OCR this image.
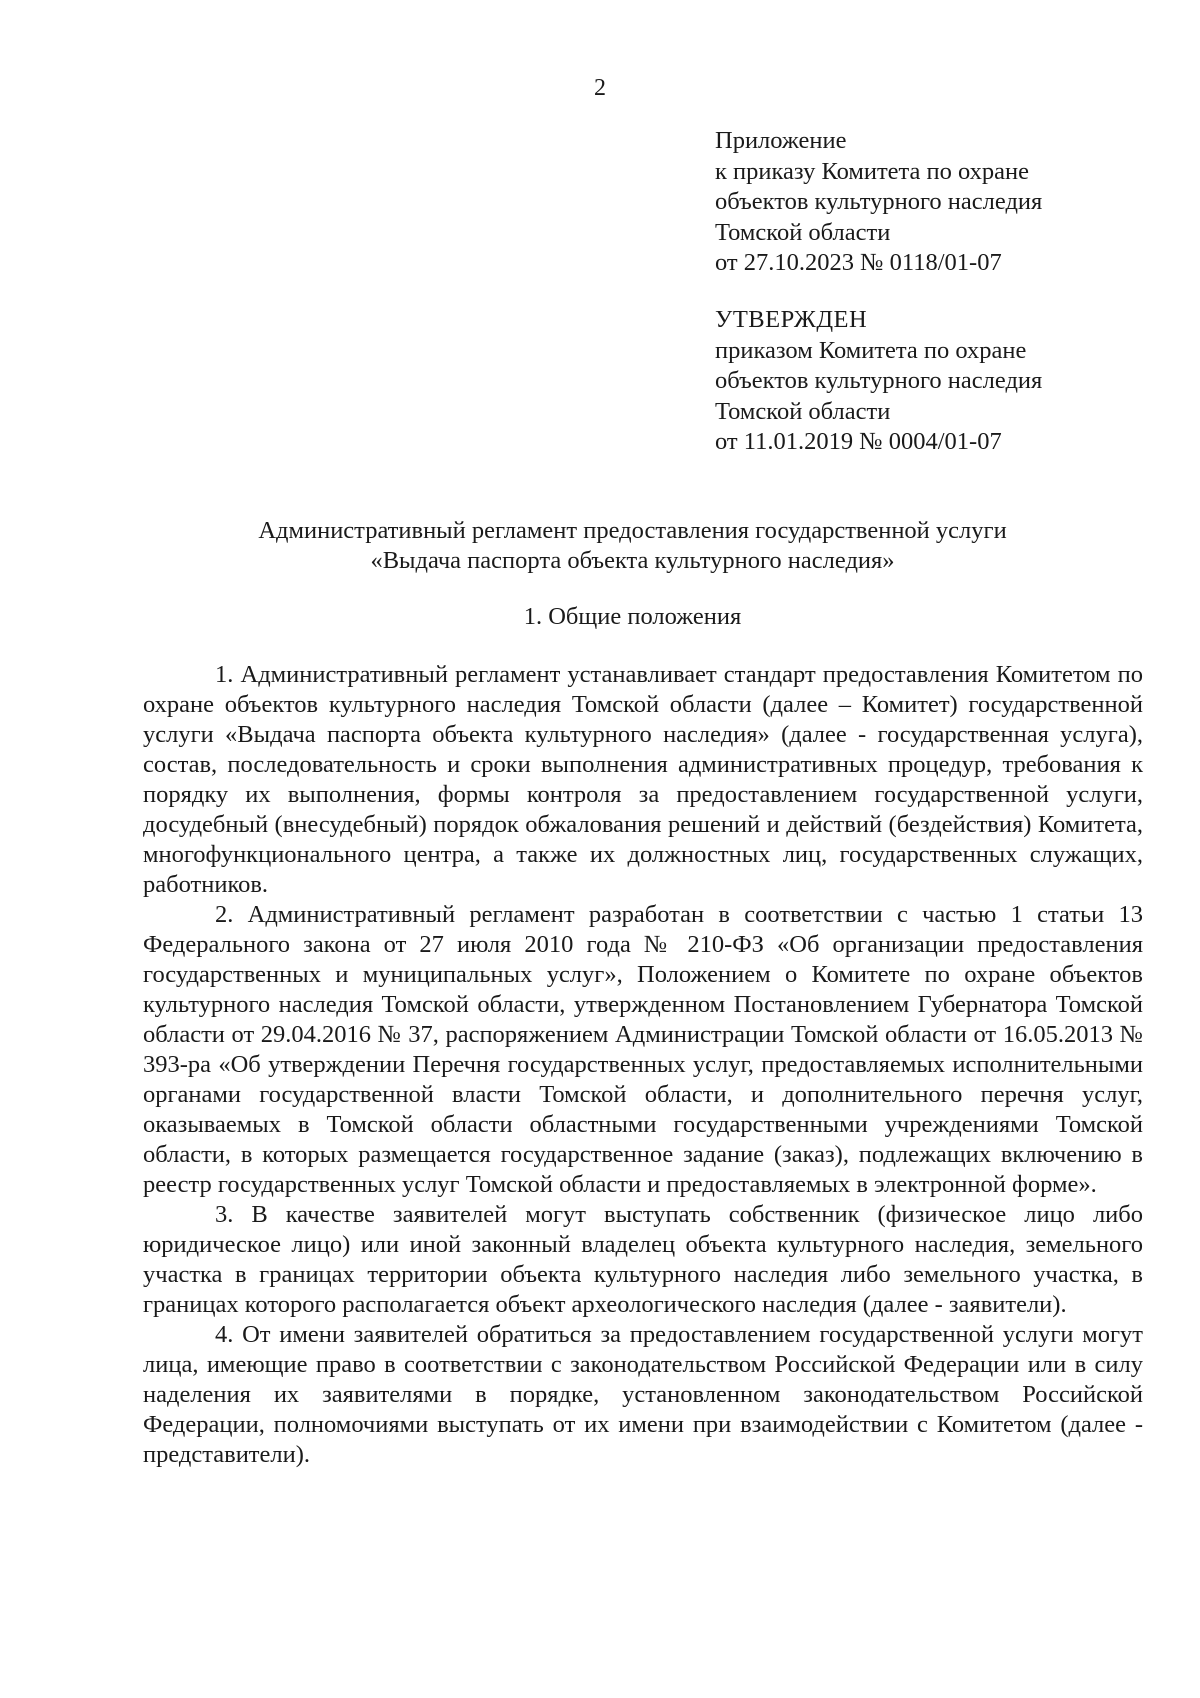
2
Приложение
к приказу Комитета по охране
объектов культурного наследия
Томской области
от 27.10.2023 № 0118/01-07
УТВЕРЖДЕН
приказом Комитета по охране
объектов культурного наследия
Томской области
от 11.01.2019 № 0004/01-07
Административный регламент предоставления государственной услуги
«Выдача паспорта объекта культурного наследия»
1. Общие положения

1. Административный регламент устанавливает стандарт предоставления Комитетом по охране объектов культурного наследия Томской области (далее – Комитет) государственной услуги «Выдача паспорта объекта культурного наследия» (далее - государственная услуга), состав, последовательность и сроки выполнения административных процедур, требования к порядку их выполнения, формы контроля за предоставлением государственной услуги, досудебный (внесудебный) порядок обжалования решений и действий (бездействия) Комитета, многофункционального центра, а также их должностных лиц, государственных служащих, работников.

2. Административный регламент разработан в соответствии с частью 1 статьи 13 Федерального закона от 27 июля 2010 года № 210-ФЗ «Об организации предоставления государственных и муниципальных услуг», Положением о Комитете по охране объектов культурного наследия Томской области, утвержденном Постановлением Губернатора Томской области от 29.04.2016 № 37, распоряжением Администрации Томской области от 16.05.2013 № 393-ра «Об утверждении Перечня государственных услуг, предоставляемых исполнительными органами государственной власти Томской области, и дополнительного перечня услуг, оказываемых в Томской области областными государственными учреждениями Томской области, в которых размещается государственное задание (заказ), подлежащих включению в реестр государственных услуг Томской области и предоставляемых в электронной форме».

3. В качестве заявителей могут выступать собственник (физическое лицо либо юридическое лицо) или иной законный владелец объекта культурного наследия, земельного участка в границах территории объекта культурного наследия либо земельного участка, в границах которого располагается объект археологического наследия (далее - заявители).

4. От имени заявителей обратиться за предоставлением государственной услуги могут лица, имеющие право в соответствии с законодательством Российской Федерации или в силу наделения их заявителями в порядке, установленном законодательством Российской Федерации, полномочиями выступать от их имени при взаимодействии с Комитетом (далее - представители).
